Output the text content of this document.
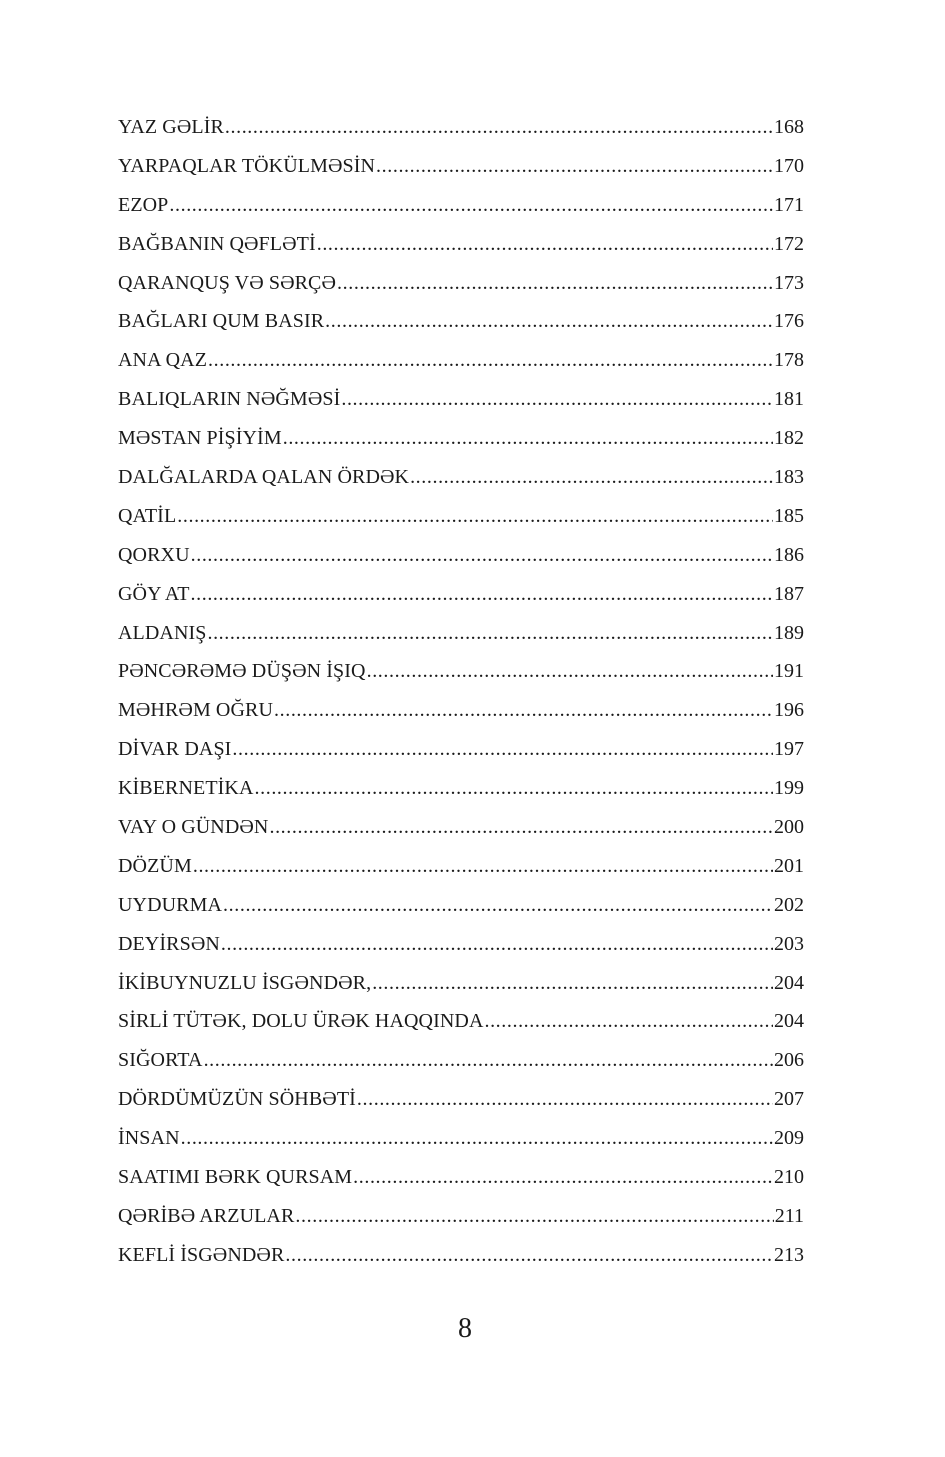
YAZ GƏLİR .....	168
YARPAQLAR TÖKÜLMƏSİN .....	170
EZOP .....	171
BAĞBANIN QƏFLƏTİ .....	172
QARANQUŞ VƏ SƏRÇƏ .....	173
BAĞLARI QUM BASIR .....	176
ANA QAZ .....	178
BALIQLARIN NƏĞMƏSİ .....	181
MƏSTAN PİŞİYİM .....	182
DALĞALARDA QALAN ÖRDƏK .....	183
QATİL .....	185
QORXU .....	186
GÖY AT .....	187
ALDANIŞ .....	189
PƏNCƏRƏMƏ DÜŞƏN İŞIQ .....	191
MƏHRƏM OĞRU .....	196
DİVAR DAŞI .....	197
KİBERNETİKA .....	199
VAY O GÜNDƏN .....	200
DÖZÜM .....	201
UYDURMA .....	202
DEYİRSƏN .....	203
İKİBUYNUZLU İSGƏNDƏR, .....	204
SİRLİ TÜTƏK, DOLU ÜRƏK HAQQINDA .....	204
SIĞORTA .....	206
DÖRDÜMÜZÜN SÖHBƏTİ .....	207
İNSAN .....	209
SAATIMI BƏRK QURSAM .....	210
QƏRİBƏ ARZULAR .....	211
KEFLİ İSGƏNDƏR .....	213
8
